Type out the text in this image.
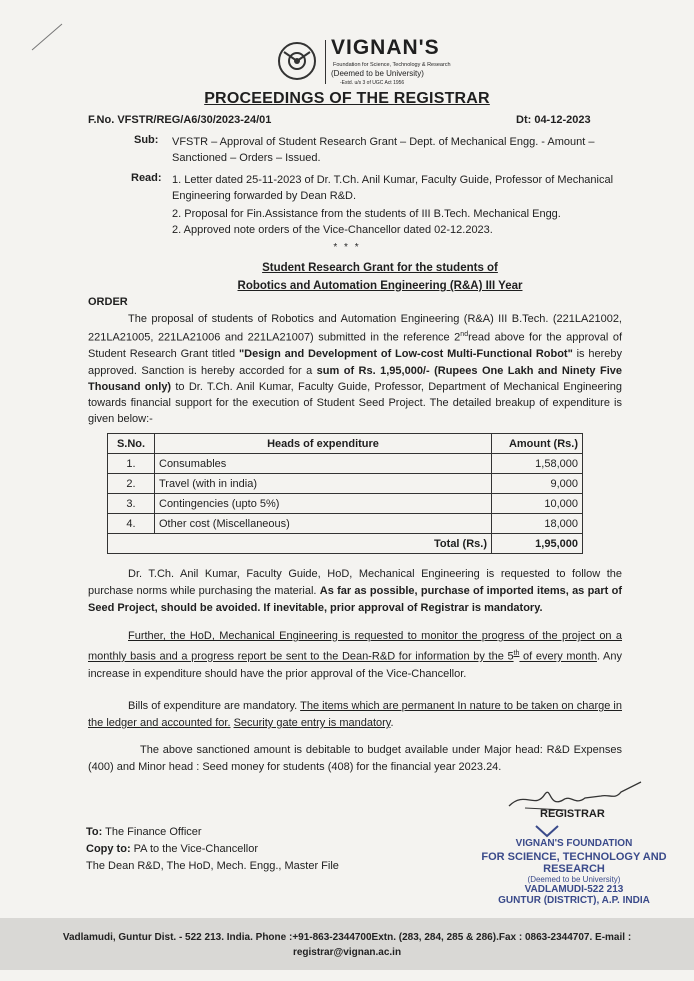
VIGNAN'S
Foundation for Science, Technology & Research
(Deemed to be University)
-Estd. u/s 3 of UGC Act 1956
PROCEEDINGS OF THE REGISTRAR
F.No. VFSTR/REG/A6/30/2023-24/01	Dt: 04-12-2023
Sub: VFSTR – Approval of Student Research Grant – Dept. of Mechanical Engg. - Amount – Sanctioned – Orders – Issued.
Read: 1. Letter dated 25-11-2023 of Dr. T.Ch. Anil Kumar, Faculty Guide, Professor of Mechanical Engineering forwarded by Dean R&D.
2. Proposal for Fin.Assistance from the students of III B.Tech. Mechanical Engg.
2. Approved note orders of the Vice-Chancellor dated 02-12.2023.
* * *
Student Research Grant for the students of
Robotics and Automation Engineering (R&A) III Year
ORDER
The proposal of students of Robotics and Automation Engineering (R&A) III B.Tech. (221LA21002, 221LA21005, 221LA21006 and 221LA21007) submitted in the reference 2ndread above for the approval of Student Research Grant titled "Design and Development of Low-cost Multi-Functional Robot" is hereby approved. Sanction is hereby accorded for a sum of Rs. 1,95,000/- (Rupees One Lakh and Ninety Five Thousand only) to Dr. T.Ch. Anil Kumar, Faculty Guide, Professor, Department of Mechanical Engineering towards financial support for the execution of Student Seed Project. The detailed breakup of expenditure is given below:-
S.No.	Heads of expenditure	Amount (Rs.)
1.	Consumables	1,58,000
2.	Travel (with in india)	9,000
3.	Contingencies (upto 5%)	10,000
4.	Other cost (Miscellaneous)	18,000
Total (Rs.)		1,95,000
Dr. T.Ch. Anil Kumar, Faculty Guide, HoD, Mechanical Engineering is requested to follow the purchase norms while purchasing the material. As far as possible, purchase of imported items, as part of Seed Project, should be avoided. If inevitable, prior approval of Registrar is mandatory.
Further, the HoD, Mechanical Engineering is requested to monitor the progress of the project on a monthly basis and a progress report be sent to the Dean-R&D for information by the 5th of every month. Any increase in expenditure should have the prior approval of the Vice-Chancellor.
Bills of expenditure are mandatory. The items which are permanent In nature to be taken on charge in the ledger and accounted for. Security gate entry is mandatory.
The above sanctioned amount is debitable to budget available under Major head: R&D Expenses (400) and Minor head : Seed money for students (408) for the financial year 2023.24.
REGISTRAR
To: The Finance Officer
Copy to: PA to the Vice-Chancellor
The Dean R&D, The HoD, Mech. Engg., Master File
VIGNAN'S FOUNDATION
FOR SCIENCE, TECHNOLOGY AND RESEARCH
(Deemed to be University)
VADLAMUDI-522 213
GUNTUR (DISTRICT), A.P. INDIA
Vadlamudi, Guntur Dist. - 522 213. India. Phone :+91-863-2344700Extn. (283, 284, 285 & 286).Fax : 0863-2344707. E-mail :
registrar@vignan.ac.in
